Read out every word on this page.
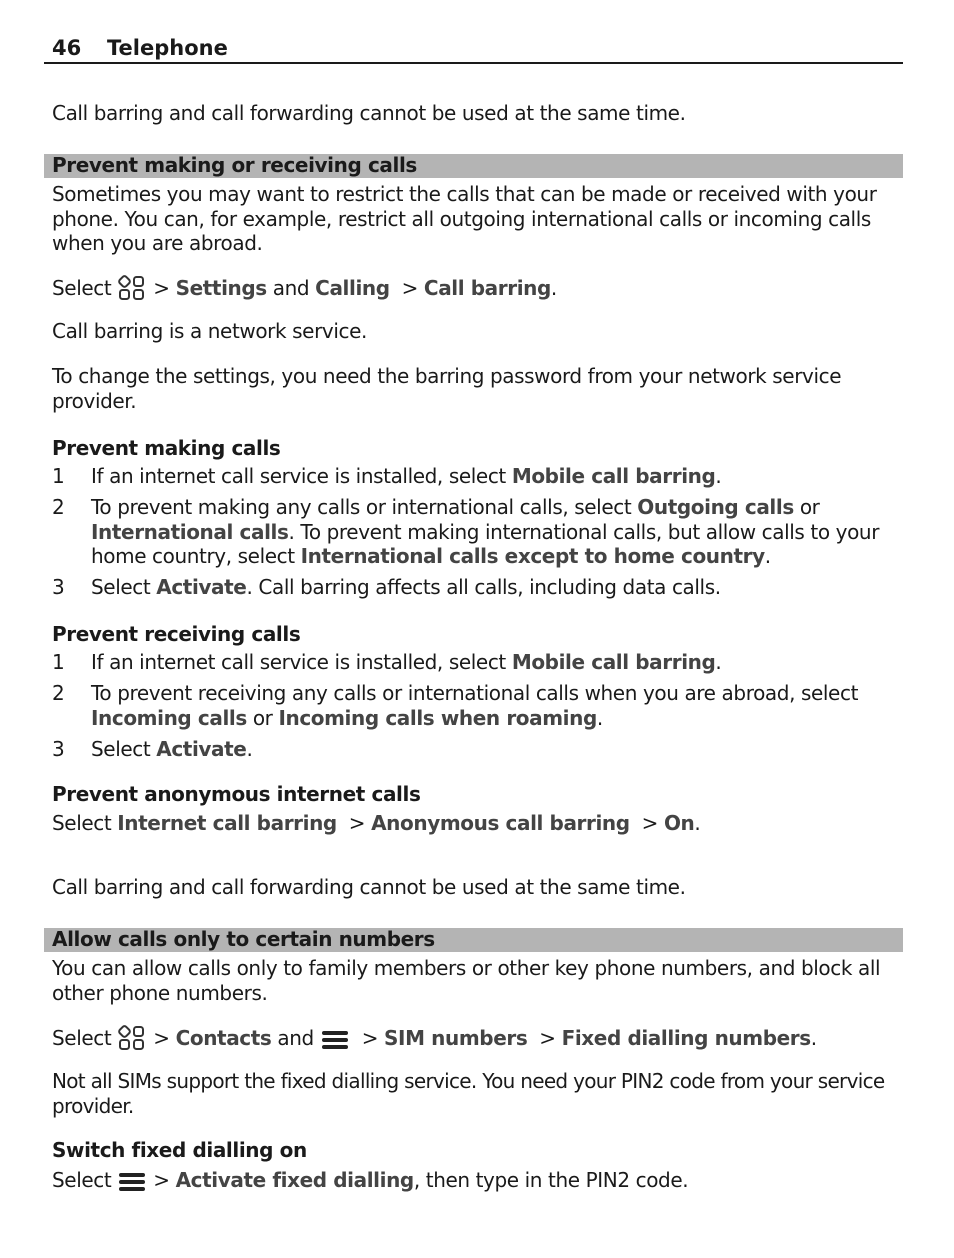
46 Telephone

Call barring and call forwarding cannot be used at the same time.

Prevent making or receiving calls

Sometimes you may want to restrict the calls that can be made or received with your phone. You can, for example, restrict all outgoing international calls or incoming calls when you are abroad.

Select > Settings and Calling > Call barring.

Call barring is a network service.

To change the settings, you need the barring password from your network service provider.

Prevent making calls
1 If an internet call service is installed, select Mobile call barring.
2 To prevent making any calls or international calls, select Outgoing calls or International calls. To prevent making international calls, but allow calls to your home country, select International calls except to home country.
3 Select Activate. Call barring affects all calls, including data calls.
Prevent receiving calls
1 If an internet call service is installed, select Mobile call barring.
2 To prevent receiving any calls or international calls when you are abroad, select Incoming calls or Incoming calls when roaming.
3 Select Activate.
Prevent anonymous internet calls

Select Internet call barring > Anonymous call barring > On.

Call barring and call forwarding cannot be used at the same time.

Allow calls only to certain numbers

You can allow calls only to family members or other key phone numbers, and block all other phone numbers.

Select > Contacts and > SIM numbers > Fixed dialling numbers.

Not all SIMs support the fixed dialling service. You need your PIN2 code from your service provider.

Switch fixed dialling on

Select > Activate fixed dialling, then type in the PIN2 code.
